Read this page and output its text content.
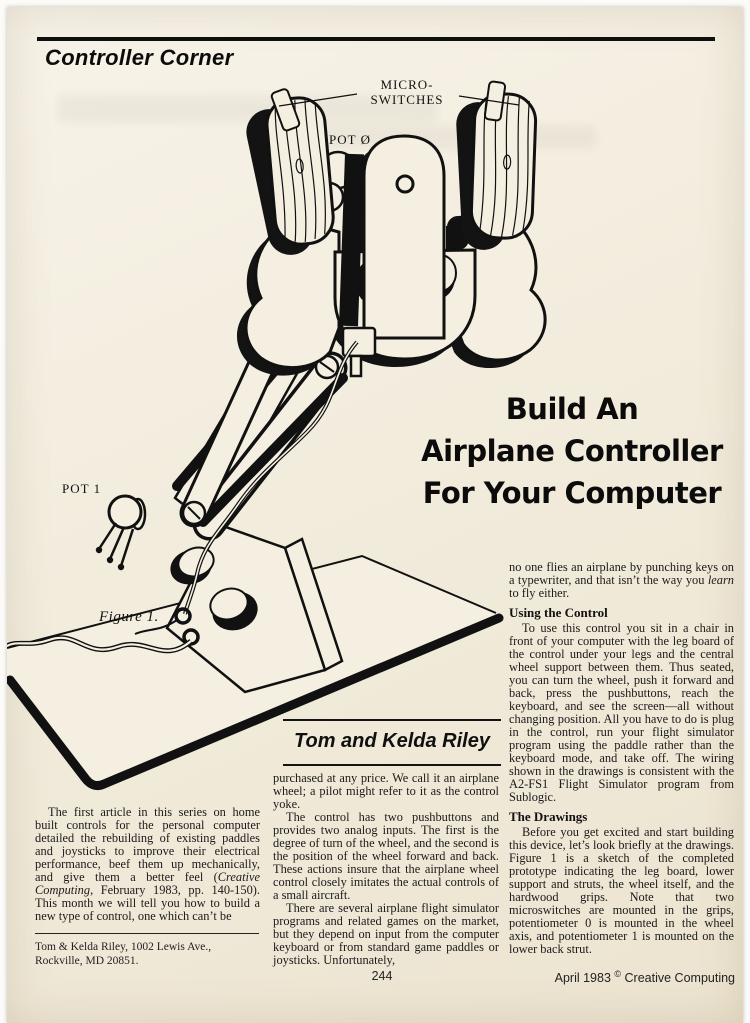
Controller Corner
MICRO-
SWITCHES
POT Ø
POT 1
Figure 1.
Build An
Airplane Controller
For Your Computer
Tom and Kelda Riley

The first article in this series on home built controls for the personal computer detailed the rebuilding of existing paddles and joysticks to improve their electrical performance, beef them up mechanically, and give them a better feel (Creative Computing, February 1983, pp. 140-150). This month we will tell you how to build a new type of control, one which can’t be

Tom & Kelda Riley, 1002 Lewis Ave., Rockville, MD 20851.

purchased at any price. We call it an airplane wheel; a pilot might refer to it as the control yoke.

The control has two pushbuttons and provides two analog inputs. The first is the degree of turn of the wheel, and the second is the position of the wheel forward and back. These actions insure that the airplane wheel control closely imitates the actual controls of a small aircraft.

There are several airplane flight simulator programs and related games on the market, but they depend on input from the computer keyboard or from standard game paddles or joysticks. Unfortunately,

no one flies an airplane by punching keys on a typewriter, and that isn’t the way you learn to fly either.

Using the Control

To use this control you sit in a chair in front of your computer with the leg board of the control under your legs and the central wheel support between them. Thus seated, you can turn the wheel, push it forward and back, press the pushbuttons, reach the keyboard, and see the screen—all without changing position. All you have to do is plug in the control, run your flight simulator program using the paddle rather than the keyboard mode, and take off. The wiring shown in the drawings is consistent with the A2-FS1 Flight Simulator program from Sublogic.

The Drawings

Before you get excited and start building this device, let’s look briefly at the drawings. Figure 1 is a sketch of the completed prototype indicating the leg board, lower support and struts, the wheel itself, and the hardwood grips. Note that two microswitches are mounted in the grips, potentiometer 0 is mounted in the wheel axis, and potentiometer 1 is mounted on the lower back strut.

244	April 1983 © Creative Computing
